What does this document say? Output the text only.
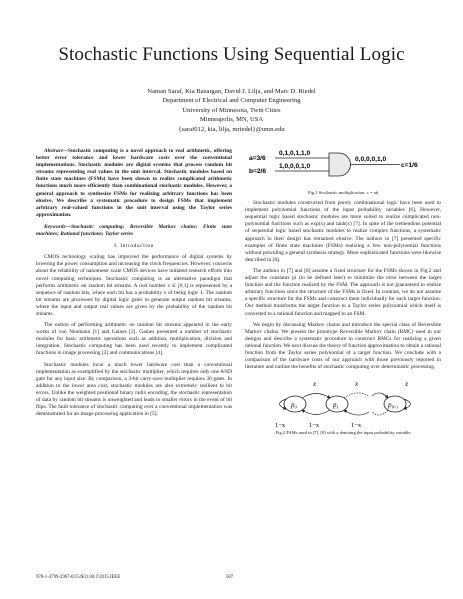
Stochastic Functions Using Sequential Logic
Naman Saraf, Kia Bazargan, David J. Lilja, and Marc D. Riedel
Department of Electrical and Computer Engineering
University of Minnesota, Twin Cities
Minneapolis, MN, USA
{saraf012, kia, lilja, mriedel}@umn.edu

Abstract—Stochastic computing is a novel approach to real arithmetic, offering better error tolerance and lower hardware costs over the conventional implementations. Stochastic modules are digital systems that process random bit streams representing real values in the unit interval. Stochastic modules based on finite state machines (FSMs) have been shown to realize complicated arithmetic functions much more efficiently than combinational stochastic modules. However, a general approach to synthesize FSMs for realizing arbitrary functions has been elusive. We describe a systematic procedure to design FSMs that implement arbitrary real-valued functions in the unit interval using the Taylor series approximation.

Keywords—Stochastic computing; Reversible Markov chains; Finite state machines; Rational functions; Taylor series

I. Introduction

CMOS technology scaling has improved the performance of digital systems by lowering the power consumption and increasing the clock frequencies. However, concerns about the reliability of nanometer scale CMOS devices have initiated research efforts into novel computing techniques. Stochastic computing is an alternative paradigm that performs arithmetic on random bit streams. A real number x ∈ [0,1] is represented by a sequence of random bits, where each bit has a probability x of being logic 1. The random bit streams are processed by digital logic gates to generate output random bit streams, where the input and output real values are given by the probability of the random bit streams.

The notion of performing arithmetic on random bit streams appeared in the early works of von Neumann [1] and Gaines [2]. Gaines presented a number of stochastic modules for basic arithmetic operations such as addition, multiplication, division and integration. Stochastic computing has been used recently to implement complicated functions in image processing [3] and communications [4].

Stochastic modules incur a much lower hardware cost than a conventional implementation as exemplified by the stochastic multiplier, which requires only one AND gate for any input size. By comparison, a 3-bit carry-save multiplier requires 30 gates. In addition to the lower area cost, stochastic modules are also extremely resilient to bit errors. Unlike the weighted positional binary radix encoding, the stochastic representation of data by random bit streams is unweighted and leads to smaller errors in the event of bit flips. The fault tolerance of stochastic computing over a conventional implementation was demonstrated for an image processing application in [5].

a=3/6
b=2/6
0,1,0,1,1,0
1,0,0,0,1,0
0,0,0,0,1,0
c=1/6

Fig.1 Stochastic multiplication, c = ab

Stochastic modules constructed from purely combinational logic have been used to implement polynomial functions of the input probability variables [6]. However, sequential logic based stochastic modules are more suited to realize complicated non-polynomial functions such as exp(x) and tanh(x) [7]. In spite of the tremendous potential of sequential logic based stochastic modules to realize complex functions, a systematic approach to their design has remained elusive. The authors in [7] presented specific examples of finite state machines (FSMs) realizing a few non-polynomial functions without providing a general synthesis strategy. More sophisticated functions were likewise described in [8].

The authors in [7] and [8] assume a fixed structure for the FSMs shown in Fig.2 and adjust the constants pi (to be defined later) to minimize the error between the target function and the function realized by the FSM. The approach is not guaranteed to realize arbitrary functions since the structure of the FSMs is fixed. In contrast, we do not assume a specific structure for the FSMs and construct them individually for each target function. Our method transforms the target function to a Taylor series polynomial which itself is converted to a rational function and mapped to an FSM.

We begin by discussing Markov chains and introduce the special class of Reversible Markov chains. We present the prototype Reversible Markov chain (RMC) used in our designs and describe a systematic procedure to construct RMCs for realizing a given rational function. We next discuss the theory of function approximation to obtain a rational function from the Taylor series polynomial of a target function. We conclude with a comparison of the hardware costs of our approach with those previously reported in literature and outline the benefits of stochastic computing over deterministic processing.

$p_0$	$p_1$	$p_{N-1}$
x	x	x
1−x	1−x	1−x

Fig.2 FSMs used in [7], [8] with x denoting the input probability variable

978-1-4799-2967-0/15/$31.00 ©2015 IEEE	507
